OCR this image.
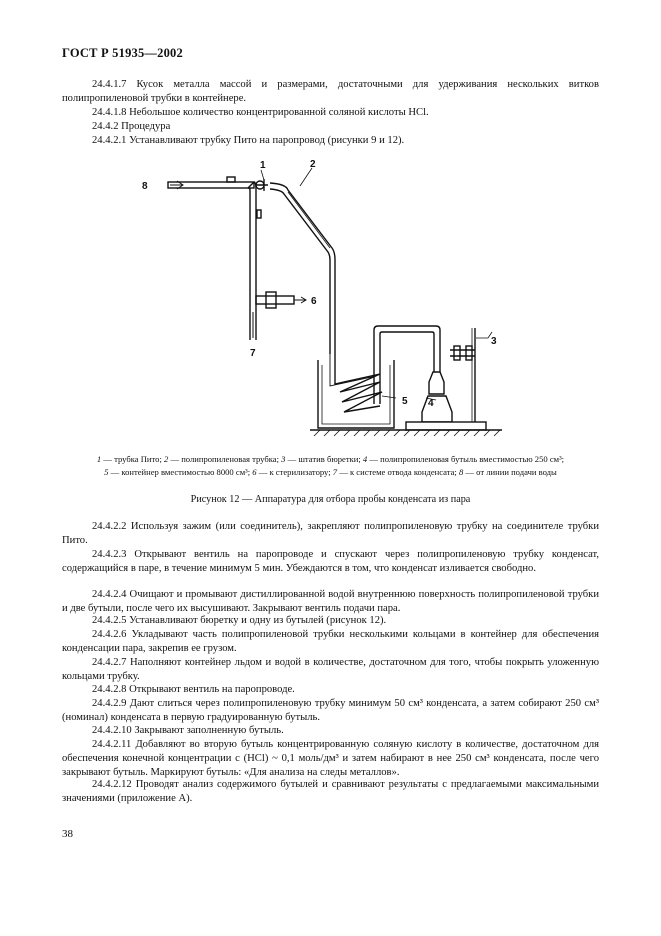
ГОСТ Р 51935—2002

24.4.1.7 Кусок металла массой и размерами, достаточными для удерживания нескольких витков полипропиленовой трубки в контейнере.

24.4.1.8 Небольшое количество концентрированной соляной кислоты HCl.

24.4.2 Процедура

24.4.2.1 Устанавливают трубку Пито на паропровод (рисунки 9 и 12).

1	2
3
4
5
6
7
8
1 — трубка Пито; 2 — полипропиленовая трубка; 3 — штатив бюретки; 4 — полипропиленовая бутыль вместимостью 250 см³;
5 — контейнер вместимостью 8000 см³; 6 — к стерилизатору; 7 — к системе отвода конденсата; 8 — от линии подачи воды
Рисунок 12 — Аппаратура для отбора пробы конденсата из пара

24.4.2.2 Используя зажим (или соединитель), закрепляют полипропиленовую трубку на соединителе трубки Пито.

24.4.2.3 Открывают вентиль на паропроводе и спускают через полипропиленовую трубку конденсат, содержащийся в паре, в течение минимум 5 мин. Убеждаются в том, что конденсат изливается свободно.

24.4.2.4 Очищают и промывают дистиллированной водой внутреннюю поверхность полипропиленовой трубки и две бутыли, после чего их высушивают. Закрывают вентиль подачи пара.

24.4.2.5 Устанавливают бюретку и одну из бутылей (рисунок 12).

24.4.2.6 Укладывают часть полипропиленовой трубки несколькими кольцами в контейнер для обеспечения конденсации пара, закрепив ее грузом.

24.4.2.7 Наполняют контейнер льдом и водой в количестве, достаточном для того, чтобы покрыть уложенную кольцами трубку.

24.4.2.8 Открывают вентиль на паропроводе.

24.4.2.9 Дают слиться через полипропиленовую трубку минимум 50 см³ конденсата, а затем собирают 250 см³ (номинал) конденсата в первую градуированную бутыль.

24.4.2.10 Закрывают заполненную бутыль.

24.4.2.11 Добавляют во вторую бутыль концентрированную соляную кислоту в количестве, достаточном для обеспечения конечной концентрации c (HCl) ~ 0,1 моль/дм³ и затем набирают в нее 250 см³ конденсата, после чего закрывают бутыль. Маркируют бутыль: «Для анализа на следы металлов».

24.4.2.12 Проводят анализ содержимого бутылей и сравнивают результаты с предлагаемыми максимальными значениями (приложение А).

38
